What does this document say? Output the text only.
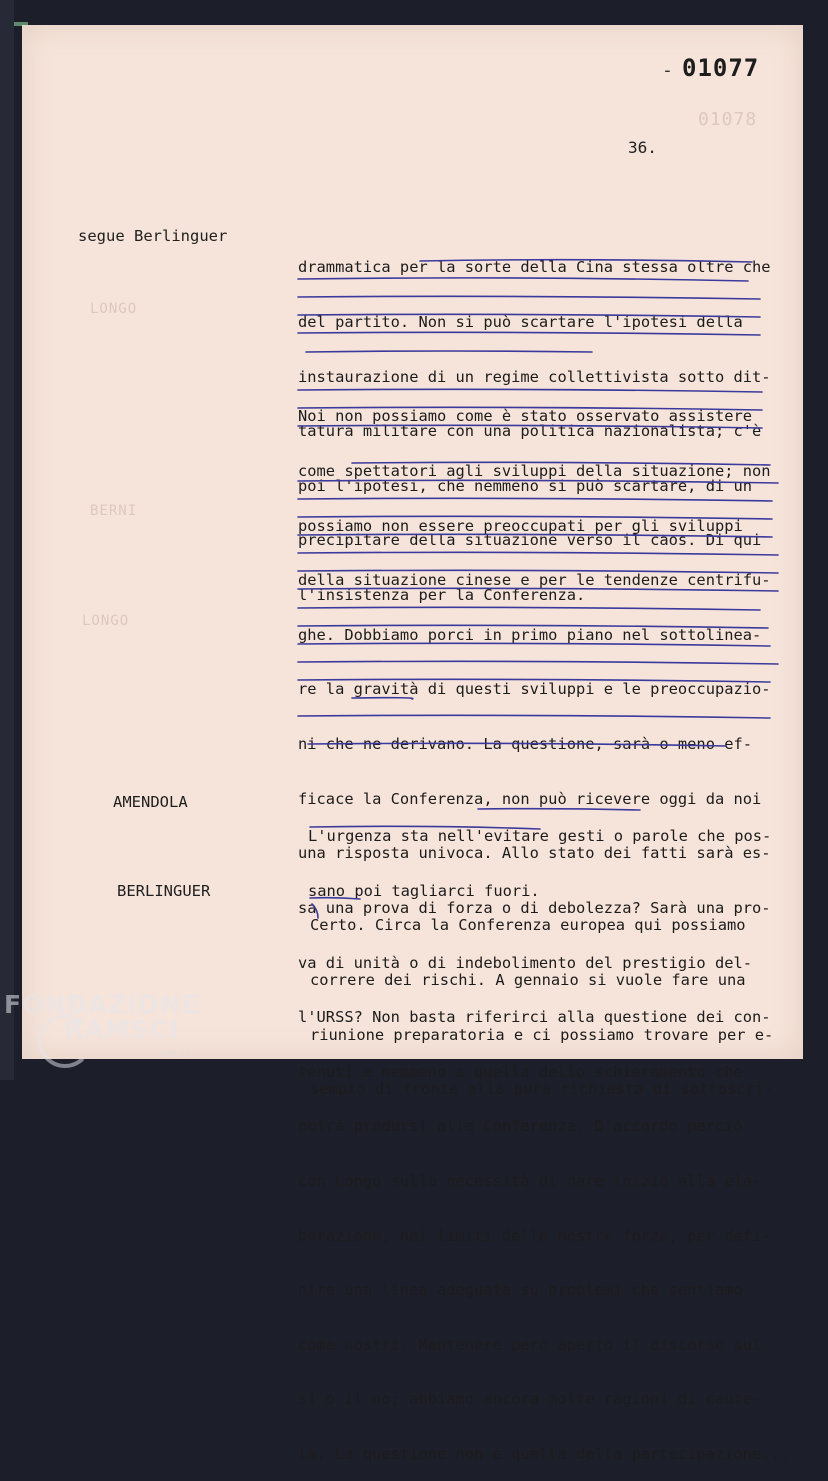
LONGO
BERNI
LONGO
01078
- 01077
36.
segue Berlinguer
AMENDOLA
BERLINGUER

drammatica per la sorte della Cina stessa oltre che

del partito. Non si può scartare l'ipotesi della

instaurazione di un regime collettivista sotto dit-

tatura militare con una politica nazionalista; c'è

poi l'ipotesi, che nemmeno si può scartare, di un

precipitare della situazione verso il caos. Di qui

l'insistenza per la Conferenza.

Noi non possiamo come è stato osservato assistere

come spettatori agli sviluppi della situazione; non

possiamo non essere preoccupati per gli sviluppi

della situazione cinese e per le tendenze centrifu-

ghe. Dobbiamo porci in primo piano nel sottolinea-

re la gravità di questi sviluppi e le preoccupazio-

ni che ne derivano. La questione, sarà o meno ef-

ficace la Conferenza, non può ricevere oggi da noi

una risposta univoca. Allo stato dei fatti sarà es-

sa una prova di forza o di debolezza? Sarà una pro-

va di unità o di indebolimento del prestigio del-

l'URSS? Non basta riferirci alla questione dei con-

tenuti e nemmeno a quella dello schieramento che

potrà prodursi alla Conferenza. D'accordo perciò

con Longo sulla necessità di dare inizio alla ela-

borazione, nei limiti delle nostre forze, per defi-

nire una linea adeguata su problemi che sentiamo

come nostri. Mantenere però aperto il discorso sul

sì o il no; abbiamo ancora molte ragioni di caute-

la. La questione non è quella della partecipazione...

L'urgenza sta nell'evitare gesti o parole che pos-

sano poi tagliarci fuori.

Certo. Circa la Conferenza europea qui possiamo

correre dei rischi. A gennaio si vuole fare una

riunione preparatoria e ci possiamo trovare per e-

sempio di fronte alla pura richiesta di sottoscri-

FONDAZIONE
RAMSCI
ONLUS
